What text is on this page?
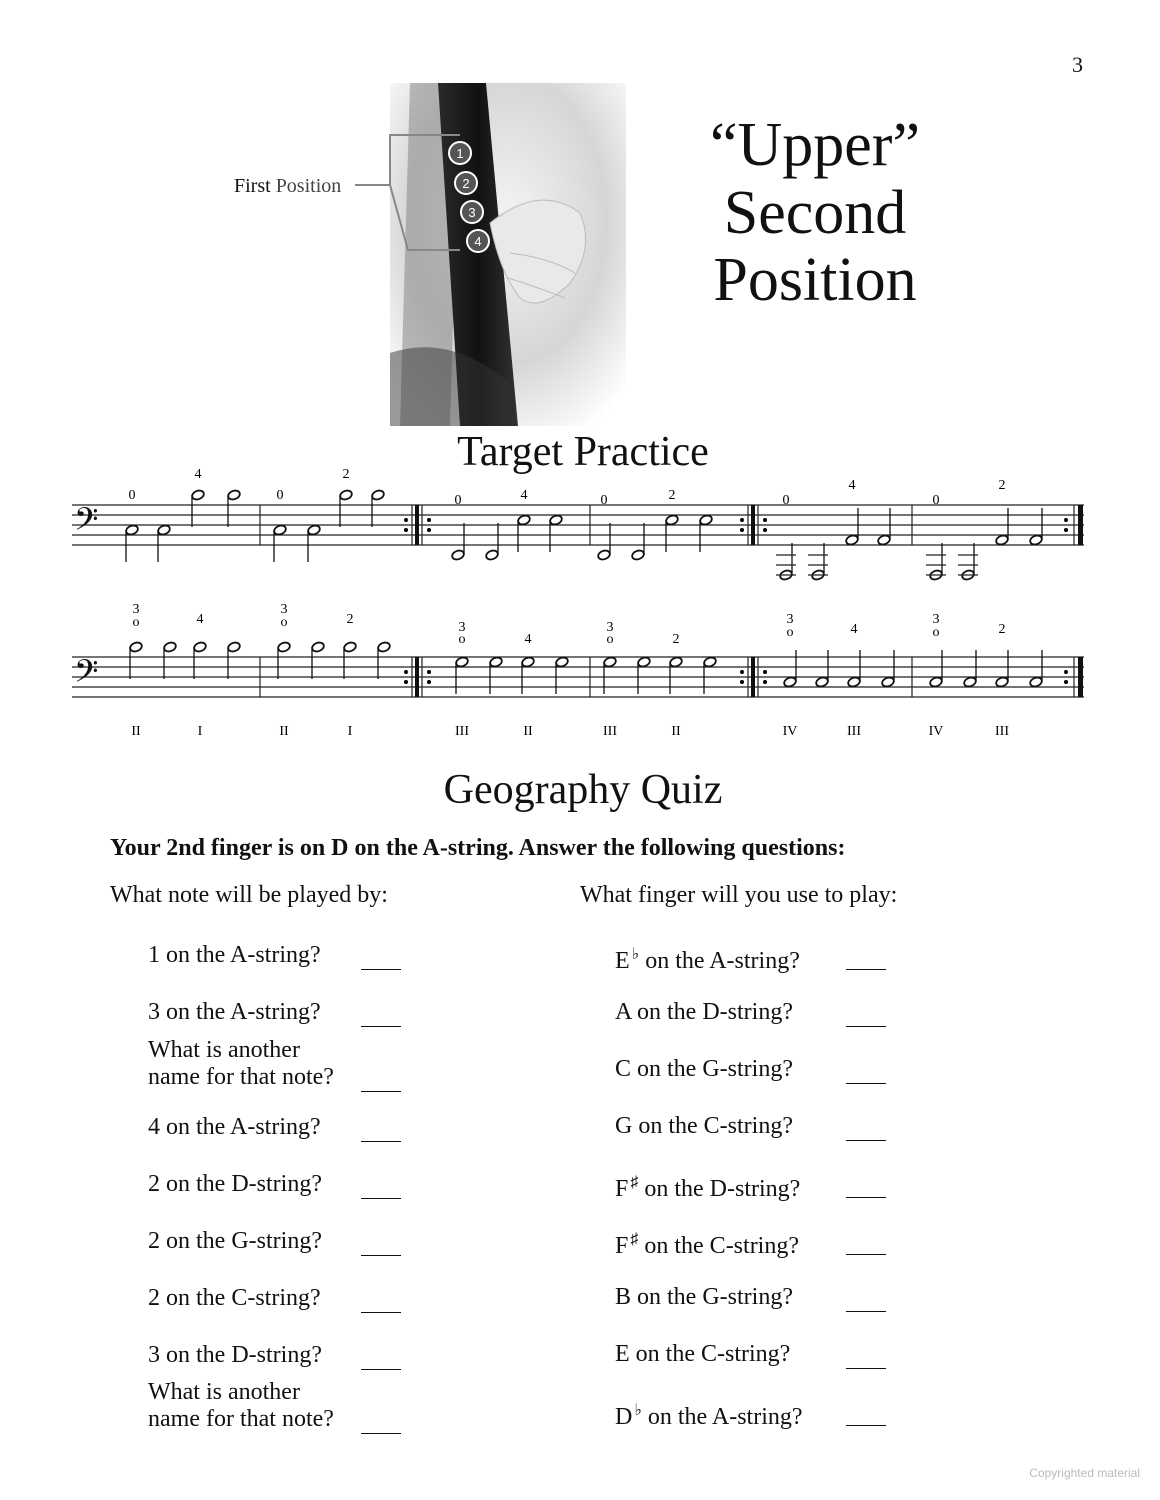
3
1
2
3
4
First Position
“Upper”
Second
Position
Target Practice
𝄢
0
4
0
2
0	4	0	2	0
4
0
2
𝄢
3
4
3
2
3
4
3
2
3
4
3
2
o	o
o	o	o	o
II	I	II	I	III	II	III	II	IV	III	IV	III
Geography Quiz
Your 2nd finger is on D on the A-string. Answer the following questions:
What note will be played by:	What finger will you use to play:
1 on the A-string?
3 on the A-string?
What is another
name for that note?
4 on the A-string?
2 on the D-string?
2 on the G-string?
2 on the C-string?
3 on the D-string?
What is another
name for that note?
E ♭ on the A-string?
A on the D-string?
C on the G-string?
G on the C-string?
F ♯ on the D-string?
F ♯ on the C-string?
B on the G-string?
E on the C-string?
D ♭ on the A-string?
Copyrighted material
